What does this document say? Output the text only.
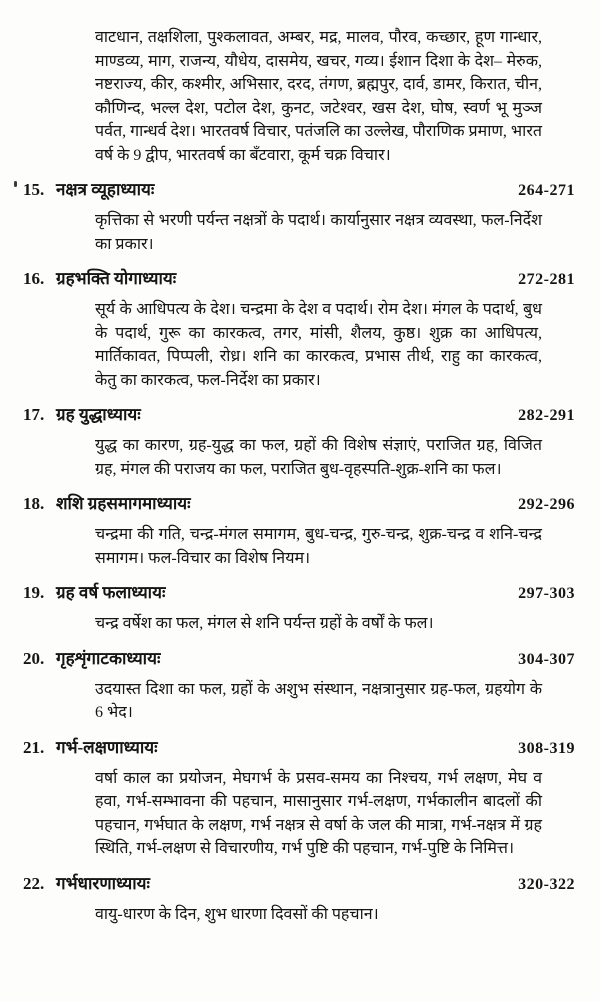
वाटधान, तक्षशिला, पुश्कलावत, अम्बर, मद्र, मालव, पौरव, कच्छार, हूण गान्धार, माण्डव्य, माग, राजन्य, यौधेय, दासमेय, खचर, गव्य। ईशान दिशा के देश– मेरुक, नष्टराज्य, कीर, कश्मीर, अभिसार, दरद, तंगण, ब्रह्मपुर, दार्व, डामर, किरात, चीन, कौणिन्द, भल्ल देश, पटोल देश, कुनट, जटेश्वर, खस देश, घोष, स्वर्ण भू मुञ्ज पर्वत, गान्धर्व देश। भारतवर्ष विचार, पतंजलि का उल्लेख, पौराणिक प्रमाण, भारत वर्ष के 9 द्वीप, भारतवर्ष का बँटवारा, कूर्म चक्र विचार।

15. नक्षत्र व्यूहाध्यायः	264-271

कृत्तिका से भरणी पर्यन्त नक्षत्रों के पदार्थ। कार्यानुसार नक्षत्र व्यवस्था, फल-निर्देश का प्रकार।

16. ग्रहभक्ति योगाध्यायः	272-281

सूर्य के आधिपत्य के देश। चन्द्रमा के देश व पदार्थ। रोम देश। मंगल के पदार्थ, बुध के पदार्थ, गुरू का कारकत्व, तगर, मांसी, शैलय, कुष्ठ। शुक्र का आधिपत्य, मार्तिकावत, पिप्पली, रोध्र। शनि का कारकत्व, प्रभास तीर्थ, राहु का कारकत्व, केतु का कारकत्व, फल-निर्देश का प्रकार।

17. ग्रह युद्धाध्यायः	282-291

युद्ध का कारण, ग्रह-युद्ध का फल, ग्रहों की विशेष संज्ञाएं, पराजित ग्रह, विजित ग्रह, मंगल की पराजय का फल, पराजित बुध-वृहस्पति-शुक्र-शनि का फल।

18. शशि ग्रहसमागमाध्यायः	292-296

चन्द्रमा की गति, चन्द्र-मंगल समागम, बुध-चन्द्र, गुरु-चन्द्र, शुक्र-चन्द्र व शनि-चन्द्र समागम। फल-विचार का विशेष नियम।

19. ग्रह वर्ष फलाध्यायः	297-303

चन्द्र वर्षेश का फल, मंगल से शनि पर्यन्त ग्रहों के वर्षों के फल।

20. गृहशृंगाटकाध्यायः	304-307

उदयास्त दिशा का फल, ग्रहों के अशुभ संस्थान, नक्षत्रानुसार ग्रह-फल, ग्रहयोग के 6 भेद।

21. गर्भ-लक्षणाध्यायः	308-319

वर्षा काल का प्रयोजन, मेघगर्भ के प्रसव-समय का निश्चय, गर्भ लक्षण, मेघ व हवा, गर्भ-सम्भावना की पहचान, मासानुसार गर्भ-लक्षण, गर्भकालीन बादलों की पहचान, गर्भघात के लक्षण, गर्भ नक्षत्र से वर्षा के जल की मात्रा, गर्भ-नक्षत्र में ग्रह स्थिति, गर्भ-लक्षण से विचारणीय, गर्भ पुष्टि की पहचान, गर्भ-पुष्टि के निमित्त।

22. गर्भधारणाध्यायः	320-322

वायु-धारण के दिन, शुभ धारणा दिवसों की पहचान।
